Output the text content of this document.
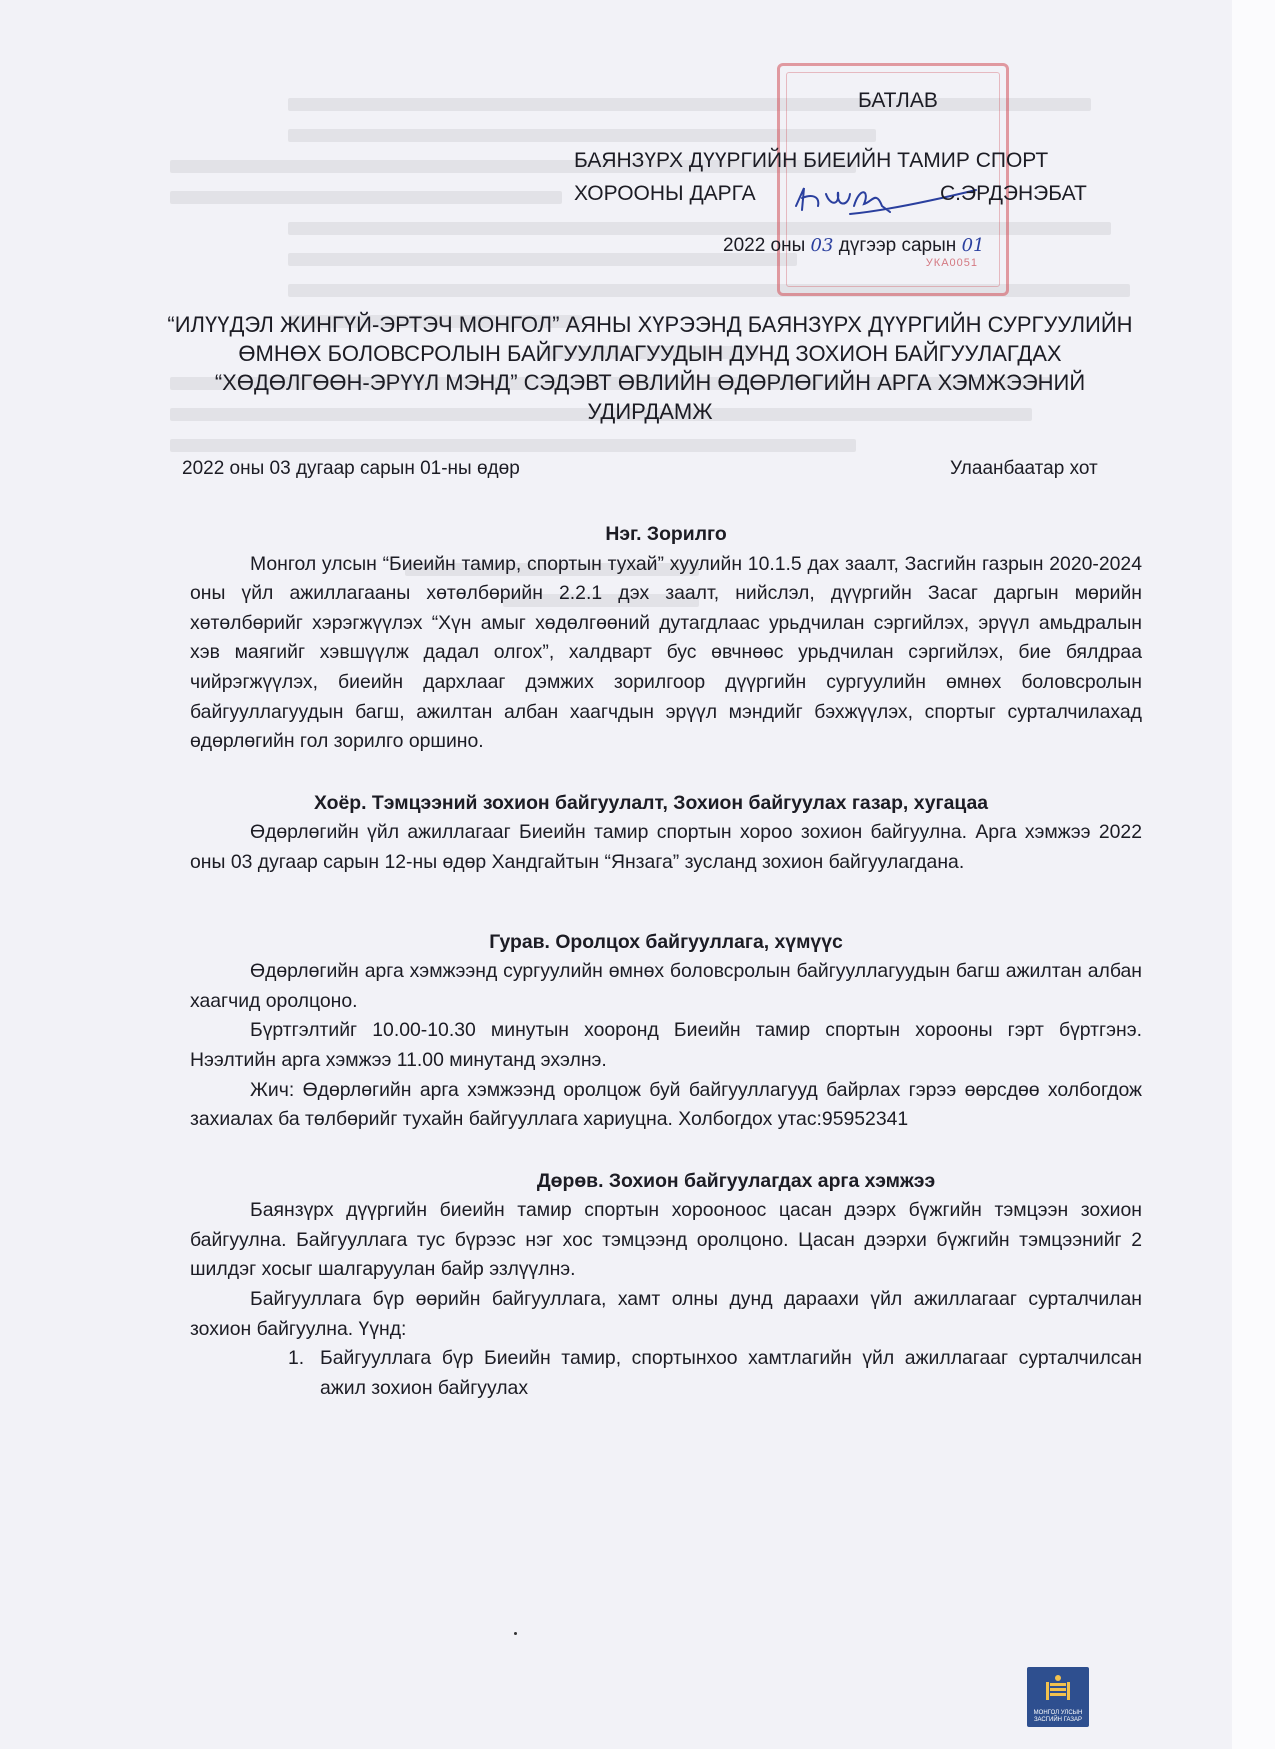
УКА0051
БАТЛАВ
БАЯНЗҮРХ ДҮҮРГИЙН БИЕИЙН ТАМИР СПОРТ
ХОРООНЫ ДАРГА	С.ЭРДЭНЭБАТ
2022 оны 03 дүгээр сарын 01
“ИЛҮҮДЭЛ ЖИНГҮЙ-ЭРТЭЧ МОНГОЛ” АЯНЫ ХҮРЭЭНД БАЯНЗҮРХ ДҮҮРГИЙН СУРГУУЛИЙН ӨМНӨХ БОЛОВСРОЛЫН БАЙГУУЛЛАГУУДЫН ДУНД ЗОХИОН БАЙГУУЛАГДАХ “ХӨДӨЛГӨӨН-ЭРҮҮЛ МЭНД” СЭДЭВТ ӨВЛИЙН ӨДӨРЛӨГИЙН АРГА ХЭМЖЭЭНИЙ УДИРДАМЖ
2022 оны 03 дугаар сарын 01-ны өдөр	Улаанбаатар хот
Нэг. Зорилго

Монгол улсын “Биеийн тамир, спортын тухай” хуулийн 10.1.5 дах заалт, Засгийн газрын 2020-2024 оны үйл ажиллагааны хөтөлбөрийн 2.2.1 дэх заалт, нийслэл, дүүргийн Засаг даргын мөрийн хөтөлбөрийг хэрэгжүүлэх “Хүн амыг хөдөлгөөний дутагдлаас урьдчилан сэргийлэх, эрүүл амьдралын хэв маягийг хэвшүүлж дадал олгох”, халдварт бус өвчнөөс урьдчилан сэргийлэх, бие бялдраа чийрэгжүүлэх, биеийн дархлааг дэмжих зорилгоор дүүргийн сургуулийн өмнөх боловсролын байгууллагуудын багш, ажилтан албан хаагчдын эрүүл мэндийг бэхжүүлэх, спортыг сурталчилахад өдөрлөгийн гол зорилго оршино.

Хоёр. Тэмцээний зохион байгуулалт, Зохион байгуулах газар, хугацаа

Өдөрлөгийн үйл ажиллагааг Биеийн тамир спортын хороо зохион байгуулна. Арга хэмжээ 2022 оны 03 дугаар сарын 12-ны өдөр Хандгайтын “Янзага” зусланд зохион байгуулагдана.

Гурав. Оролцох байгууллага, хүмүүс

Өдөрлөгийн арга хэмжээнд сургуулийн өмнөх боловсролын байгууллагуудын багш ажилтан албан хаагчид оролцоно.

Бүртгэлтийг 10.00-10.30 минутын хооронд Биеийн тамир спортын хорооны гэрт бүртгэнэ. Нээлтийн арга хэмжээ 11.00 минутанд эхэлнэ.

Жич: Өдөрлөгийн арга хэмжээнд оролцож буй байгууллагууд байрлах гэрээ өөрсдөө холбогдож захиалах ба төлбөрийг тухайн байгууллага хариуцна. Холбогдох утас:95952341

Дөрөв. Зохион байгуулагдах арга хэмжээ

Баянзүрх дүүргийн биеийн тамир спортын хорооноос цасан дээрх бүжгийн тэмцээн зохион байгуулна. Байгууллага тус бүрээс нэг хос тэмцээнд оролцоно. Цасан дээрхи бүжгийн тэмцээнийг 2 шилдэг хосыг шалгаруулан байр эзлүүлнэ.

Байгууллага бүр өөрийн байгууллага, хамт олны дунд дараахи үйл ажиллагааг сурталчилан зохион байгуулна. Үүнд:

1. Байгууллага бүр Биеийн тамир, спортынхоо хамтлагийн үйл ажиллагааг сурталчилсан ажил зохион байгуулах
МОНГОЛ УЛСЫН ЗАСГИЙН ГАЗАР
